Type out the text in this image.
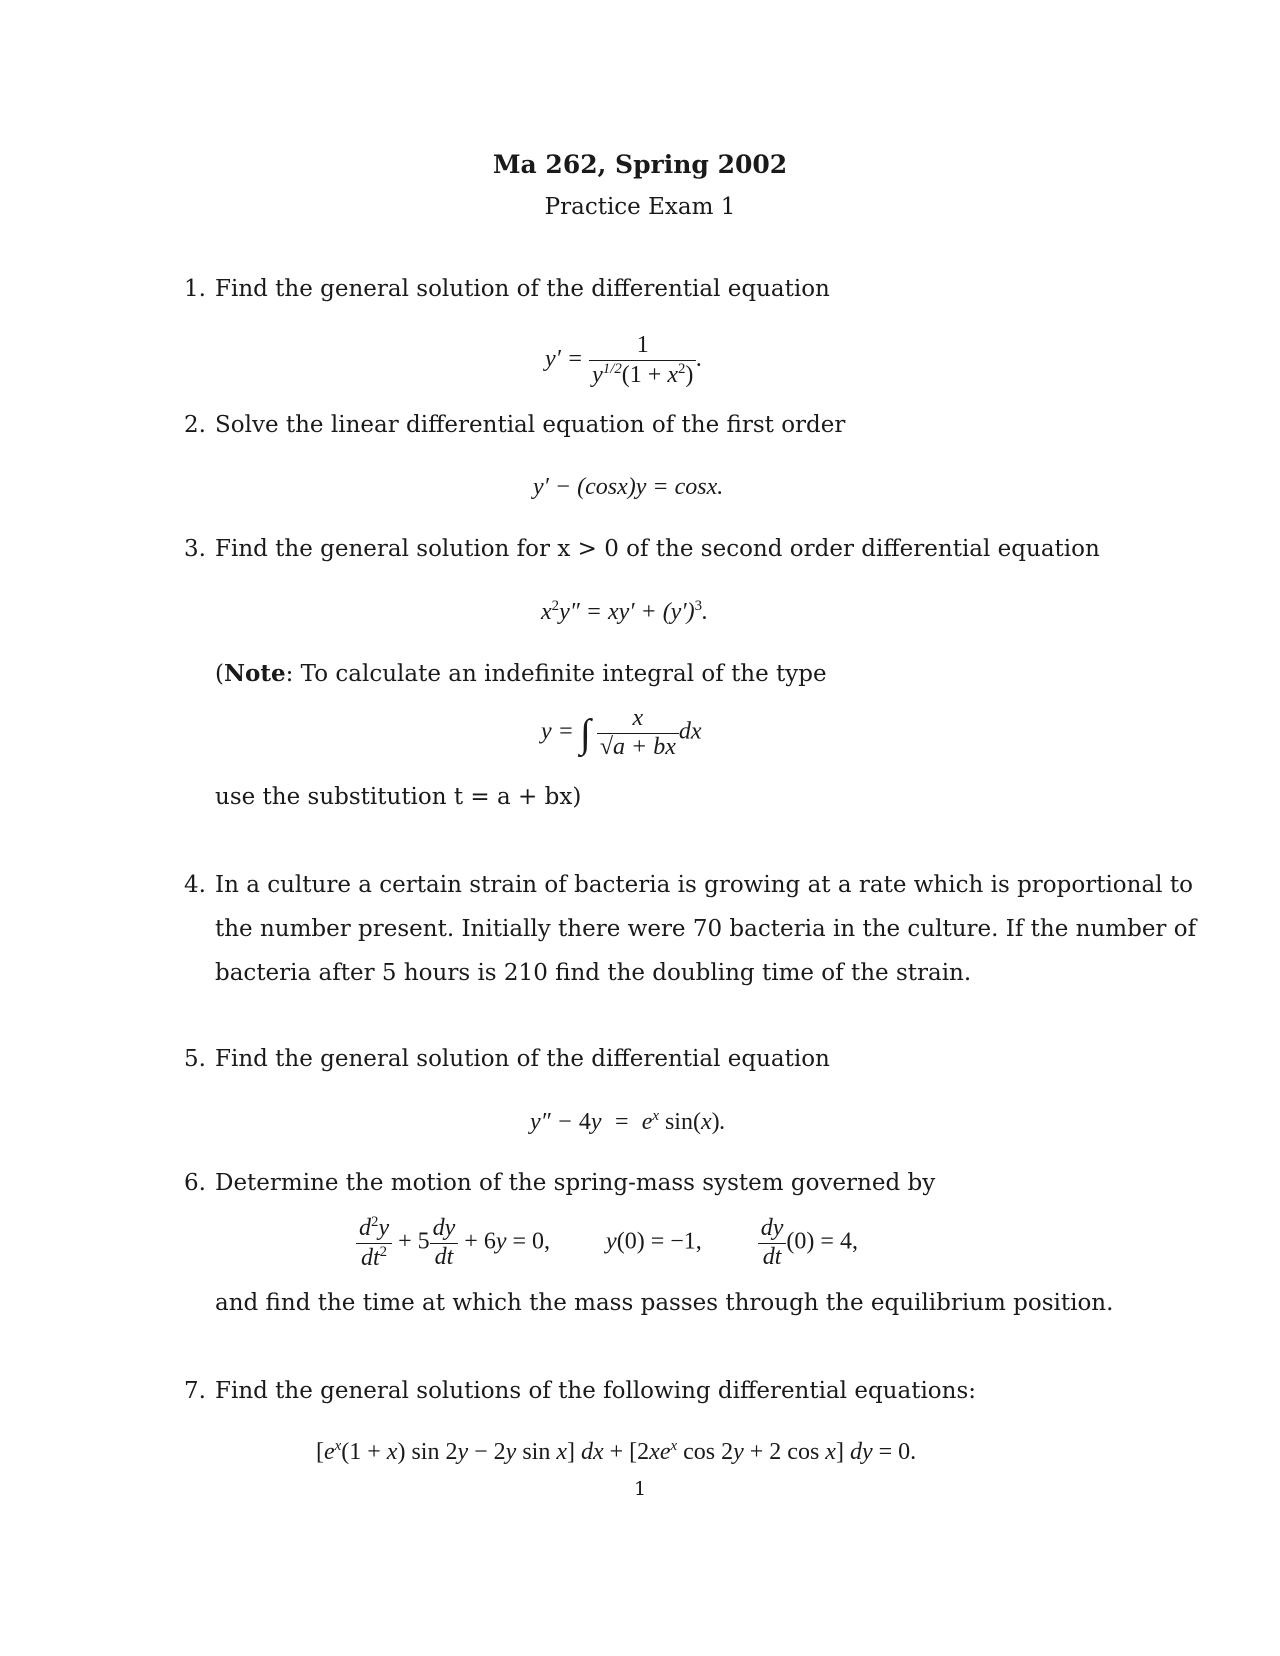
Ma 262, Spring 2002
Practice Exam 1
1. Find the general solution of the differential equation
$y' = \frac{1}{y^{1/2}(1 + x^2)}$ .
2. Solve the linear differential equation of the first order
y′ − (cosx)y = cosx.
3. Find the general solution for x > 0 of the second order differential equation
$x^2y'' = xy' + (y')^3$.
(Note: To calculate an indefinite integral of the type
y = ∫ $\frac{x}{√a + bx}$ dx
use the substitution t = a + bx)
4. In a culture a certain strain of bacteria is growing at a rate which is proportional to
the number present. Initially there were 70 bacteria in the culture. If the number of
bacteria after 5 hours is 210 find the doubling time of the strain.
5. Find the general solution of the differential equation
$y'' - 4y = e^x$ sin(x).
6. Determine the motion of the spring-mass system governed by
$\frac{d^2y}{dt^2} + 5 \frac{dy}{dt} + 6y = 0$,  y(0) = −1, $\frac{dy}{dt} (0) = 4$,
and find the time at which the mass passes through the equilibrium position.
7. Find the general solutions of the following differential equations:
[$e^x(1 + x)$ sin 2y − 2y sin x] dx + [$2xe^x$ cos 2y + 2 cos x] dy = 0.
1
